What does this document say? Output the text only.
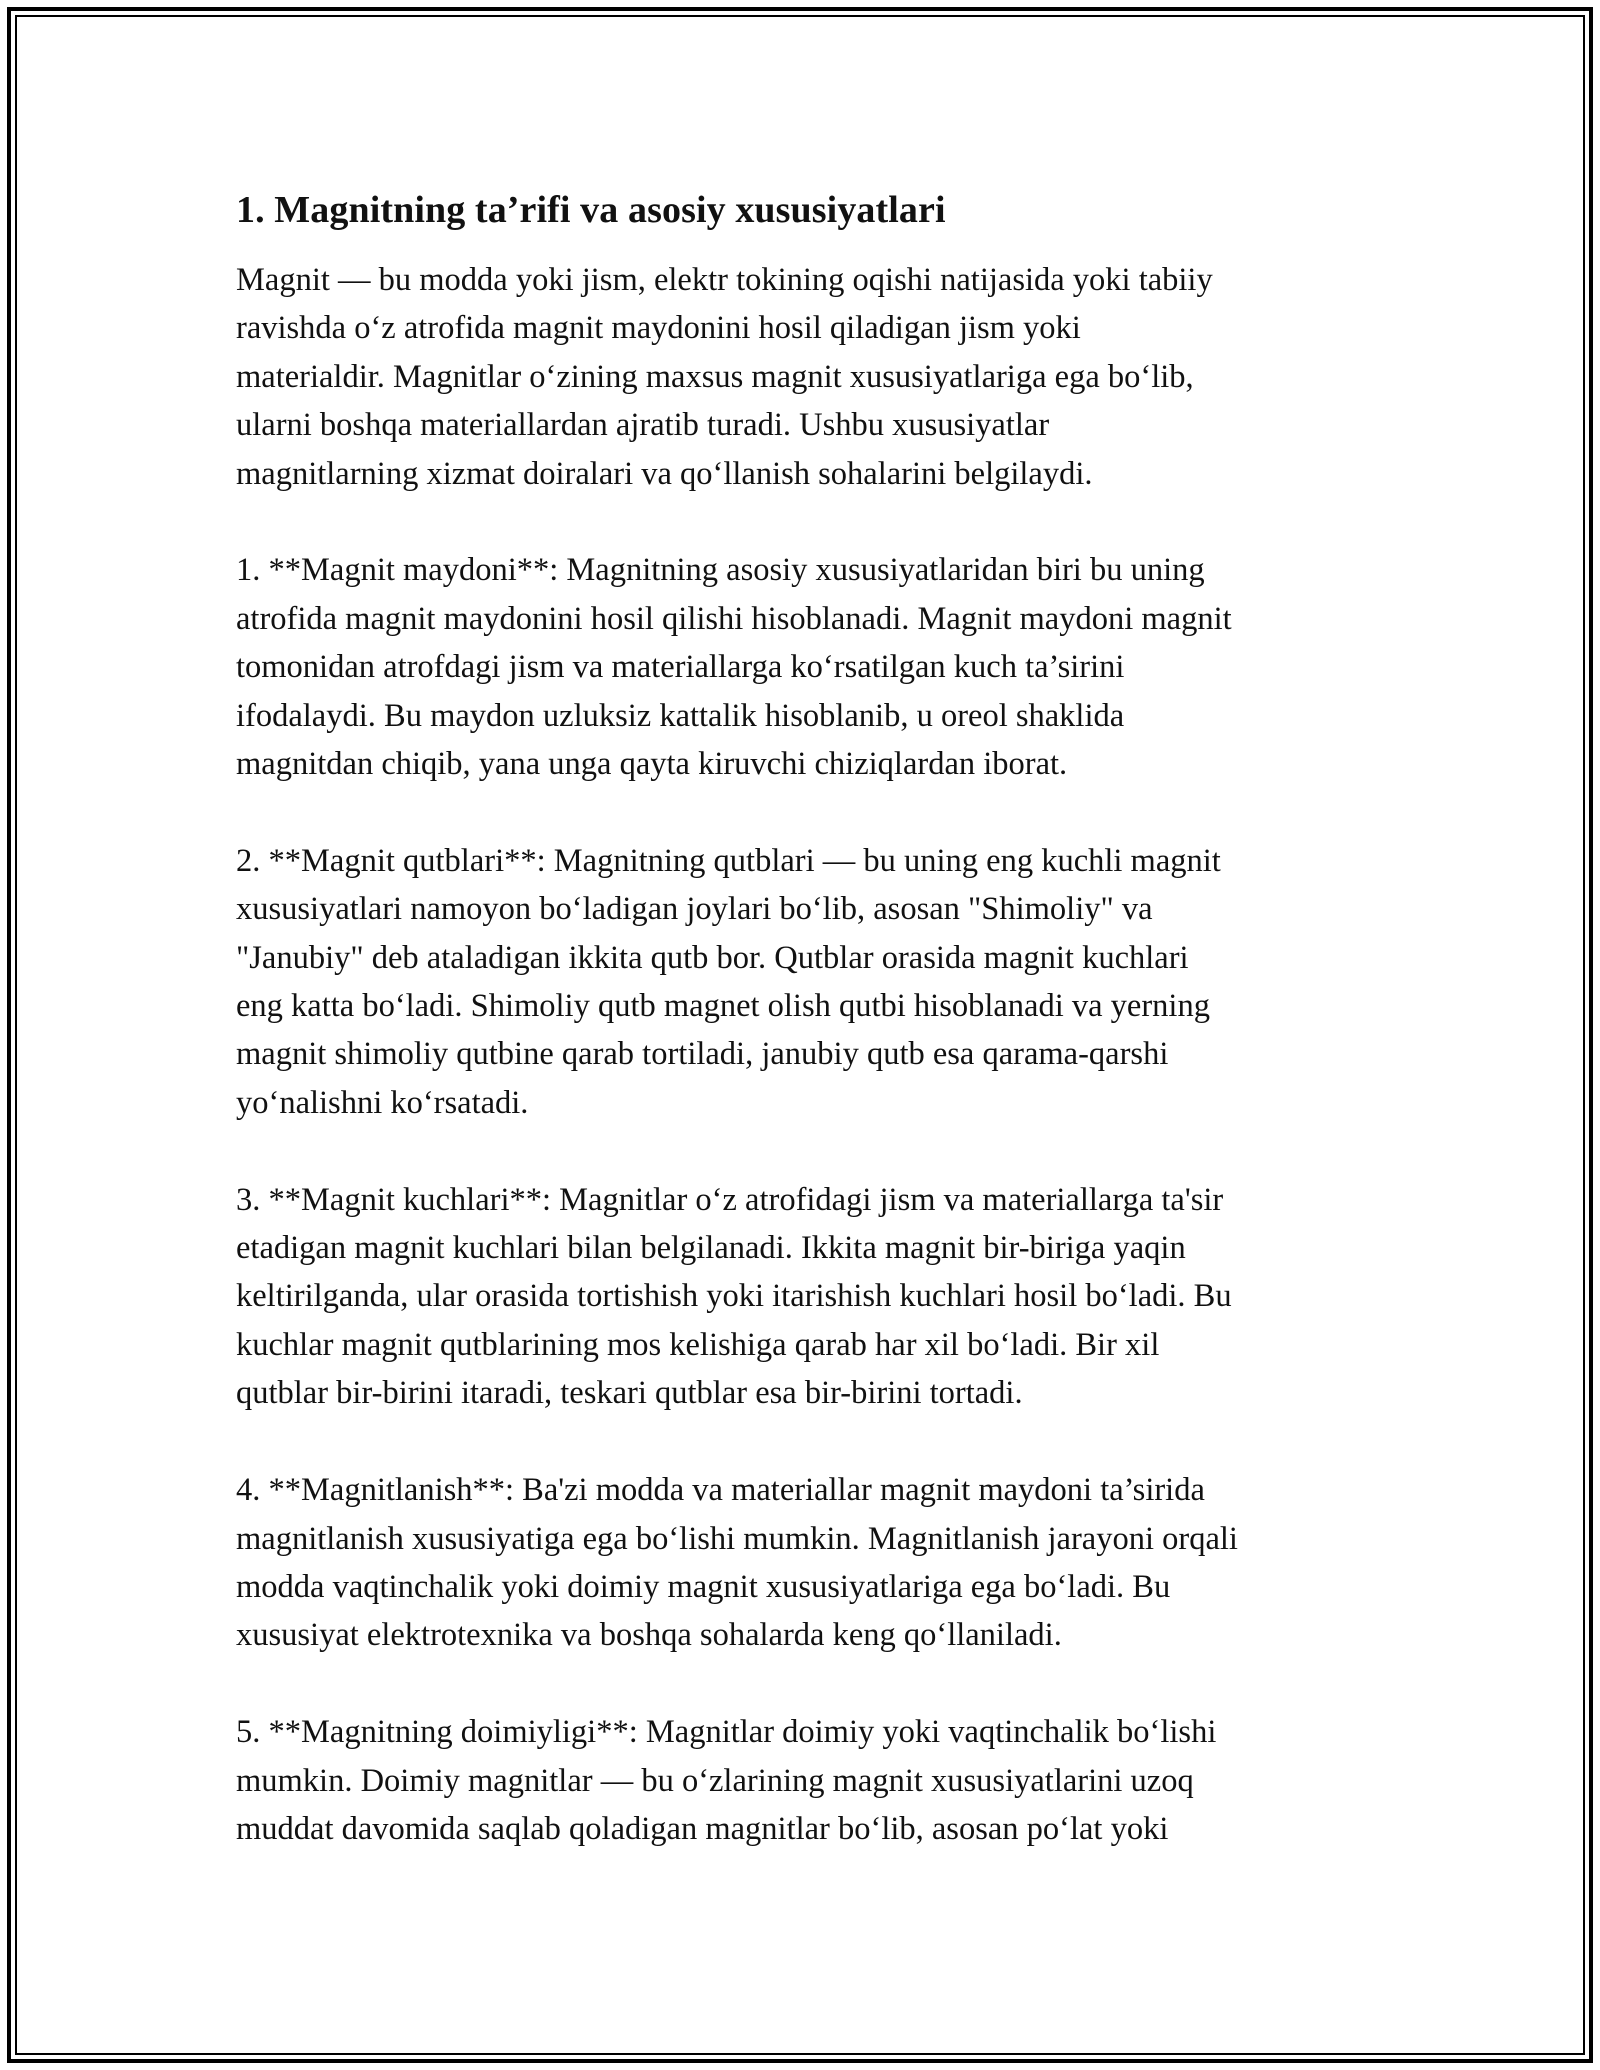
1. Magnitning ta’rifi va asosiy xususiyatlari

Magnit — bu modda yoki jism, elektr tokining oqishi natijasida yoki tabiiy
ravishda oʻz atrofida magnit maydonini hosil qiladigan jism yoki
materialdir. Magnitlar oʻzining maxsus magnit xususiyatlariga ega boʻlib,
ularni boshqa materiallardan ajratib turadi. Ushbu xususiyatlar
magnitlarning xizmat doiralari va qoʻllanish sohalarini belgilaydi.

1. **Magnit maydoni**: Magnitning asosiy xususiyatlaridan biri bu uning
atrofida magnit maydonini hosil qilishi hisoblanadi. Magnit maydoni magnit
tomonidan atrofdagi jism va materiallarga koʻrsatilgan kuch ta’sirini
ifodalaydi. Bu maydon uzluksiz kattalik hisoblanib, u oreol shaklida
magnitdan chiqib, yana unga qayta kiruvchi chiziqlardan iborat.

2. **Magnit qutblari**: Magnitning qutblari — bu uning eng kuchli magnit
xususiyatlari namoyon boʻladigan joylari boʻlib, asosan "Shimoliy" va
"Janubiy" deb ataladigan ikkita qutb bor. Qutblar orasida magnit kuchlari
eng katta boʻladi. Shimoliy qutb magnet olish qutbi hisoblanadi va yerning
magnit shimoliy qutbine qarab tortiladi, janubiy qutb esa qarama-qarshi
yoʻnalishni koʻrsatadi.

3. **Magnit kuchlari**: Magnitlar oʻz atrofidagi jism va materiallarga ta'sir
etadigan magnit kuchlari bilan belgilanadi. Ikkita magnit bir-biriga yaqin
keltirilganda, ular orasida tortishish yoki itarishish kuchlari hosil boʻladi. Bu
kuchlar magnit qutblarining mos kelishiga qarab har xil boʻladi. Bir xil
qutblar bir-birini itaradi, teskari qutblar esa bir-birini tortadi.

4. **Magnitlanish**: Ba'zi modda va materiallar magnit maydoni ta’sirida
magnitlanish xususiyatiga ega boʻlishi mumkin. Magnitlanish jarayoni orqali
modda vaqtinchalik yoki doimiy magnit xususiyatlariga ega boʻladi. Bu
xususiyat elektrotexnika va boshqa sohalarda keng qoʻllaniladi.

5. **Magnitning doimiyligi**: Magnitlar doimiy yoki vaqtinchalik boʻlishi
mumkin. Doimiy magnitlar — bu oʻzlarining magnit xususiyatlarini uzoq
muddat davomida saqlab qoladigan magnitlar boʻlib, asosan poʻlat yoki
